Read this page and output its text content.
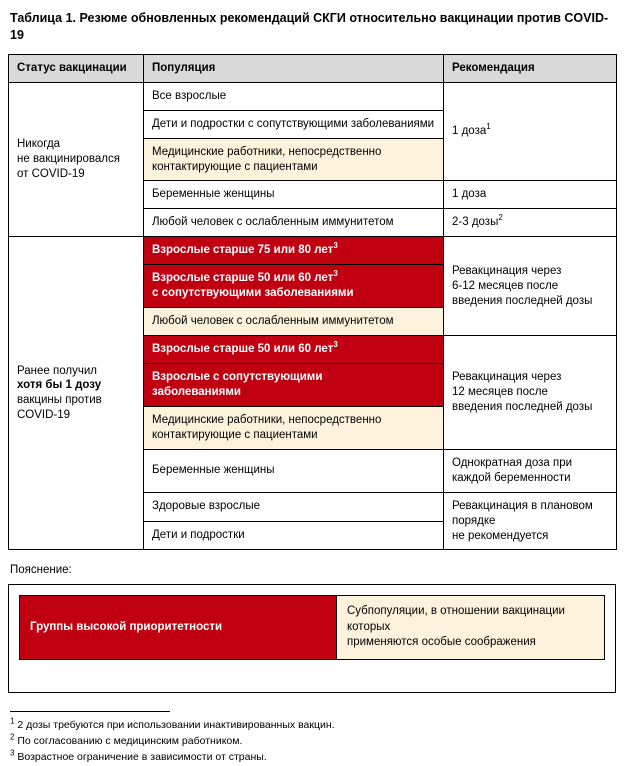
Таблица 1. Резюме обновленных рекомендаций СКГИ относительно вакцинации против COVID-19
Статус вакцинации	Популяция	Рекомендация
Никогда
не вакцинировался
от COVID-19	Все взрослые	1 доза$^1$
	Дети и подростки с сопутствующими заболеваниями	
	Медицинские работники, непосредственно контактирующие с пациентами	
	Беременные женщины	1 доза
	Любой человек с ослабленным иммунитетом	2-3 дозы$^2$
Ранее получил
хотя бы 1 дозу
вакцины против
COVID-19	Взрослые старше 75 или 80 лет$^3$	Ревакцинация через
6-12 месяцев после
введения последней дозы
	Взрослые старше 50 или 60 лет$^3$
с сопутствующими заболеваниями	
	Любой человек с ослабленным иммунитетом	
	Взрослые старше 50 или 60 лет$^3$	Ревакцинация через
12 месяцев после
введения последней дозы
	Взрослые с сопутствующими
заболеваниями	
	Медицинские работники, непосредственно контактирующие с пациентами	
	Беременные женщины	Однократная доза при
каждой беременности
	Здоровые взрослые	Ревакцинация в плановом
порядке
не рекомендуется
	Дети и подростки	
Пояснение:
Группы высокой приоритетности	Субпопуляции, в отношении вакцинации которых
применяются особые соображения

$^1$ 2 дозы требуются при использовании инактивированных вакцин.

$^2$ По согласованию с медицинским работником.

$^3$ Возрастное ограничение в зависимости от страны.
